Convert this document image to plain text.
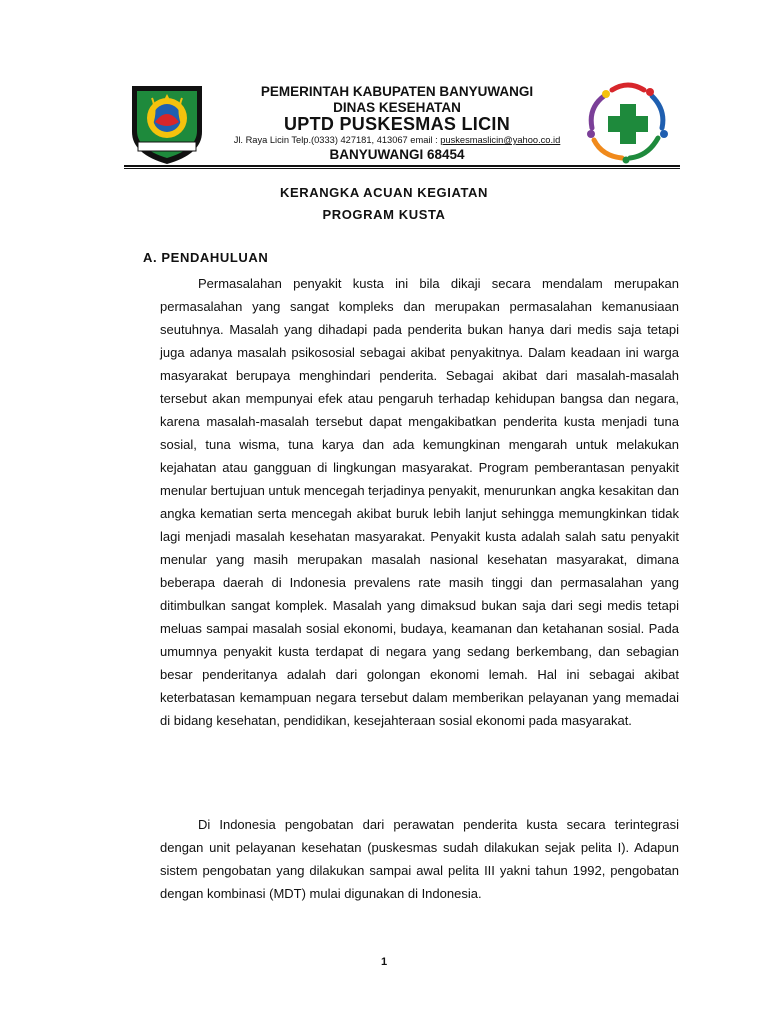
PEMERINTAH KABUPATEN BANYUWANGI
DINAS KESEHATAN
UPTD PUSKESMAS LICIN
Jl. Raya Licin Telp.(0333) 427181, 413067 email : puskesmaslicin@yahoo.co.id
BANYUWANGI 68454
KERANGKA ACUAN KEGIATAN
PROGRAM KUSTA
A. PENDAHULUAN

Permasalahan penyakit kusta ini bila dikaji secara mendalam merupakan permasalahan yang sangat kompleks dan merupakan permasalahan kemanusiaan seutuhnya. Masalah yang dihadapi pada penderita bukan hanya dari medis saja tetapi juga adanya masalah psikososial sebagai akibat penyakitnya. Dalam keadaan ini warga masyarakat berupaya menghindari penderita. Sebagai akibat dari masalah-masalah tersebut akan mempunyai efek atau pengaruh terhadap kehidupan bangsa dan negara, karena masalah-masalah tersebut dapat mengakibatkan penderita kusta menjadi tuna sosial, tuna wisma, tuna karya dan ada kemungkinan mengarah untuk melakukan kejahatan atau gangguan di lingkungan masyarakat. Program pemberantasan penyakit menular bertujuan untuk mencegah terjadinya penyakit, menurunkan angka kesakitan dan angka kematian serta mencegah akibat buruk lebih lanjut sehingga memungkinkan tidak lagi menjadi masalah kesehatan masyarakat. Penyakit kusta adalah salah satu penyakit menular yang masih merupakan masalah nasional kesehatan masyarakat, dimana beberapa daerah di Indonesia prevalens rate masih tinggi dan permasalahan yang ditimbulkan sangat komplek. Masalah yang dimaksud bukan saja dari segi medis tetapi meluas sampai masalah sosial ekonomi, budaya, keamanan dan ketahanan sosial. Pada umumnya penyakit kusta terdapat di negara yang sedang berkembang, dan sebagian besar penderitanya adalah dari golongan ekonomi lemah. Hal ini sebagai akibat keterbatasan kemampuan negara tersebut dalam memberikan pelayanan yang memadai di bidang kesehatan, pendidikan, kesejahteraan sosial ekonomi pada masyarakat.

Di Indonesia pengobatan dari perawatan penderita kusta secara terintegrasi dengan unit pelayanan kesehatan (puskesmas sudah dilakukan sejak pelita I). Adapun sistem pengobatan yang dilakukan sampai awal pelita III yakni tahun 1992, pengobatan dengan kombinasi (MDT) mulai digunakan di Indonesia.

1
